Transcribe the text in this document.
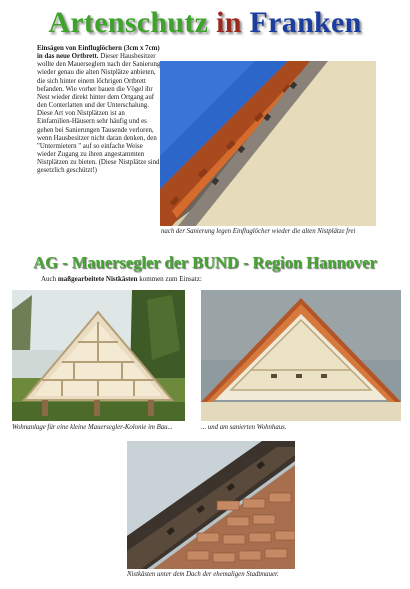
Artenschutz in Franken
Einsägen von Einfluglöchern (3cm x 7cm) in das neue Ortbrett. Dieser Hausbesitzer wollte den Mauerseglern nach der Sanierung wieder genau die alten Nistplätze anbieten, die sich hinter einem löchrigen Ortbrett befanden. Wie vorher bauen die Vögel ihr Nest wieder direkt hinter dem Ortgang auf den Conterlatten und der Unterschalung. Diese Art von Nistplätzen ist an Einfamilien-Häusern sehr häufig und es gehen bei Sanierungen Tausende verloren, wenn Hausbesitzer nicht daran denken, den "Untermietern " auf so einfache Weise wieder Zugang zu ihren angestammten Nistplätzen zu bieten. (Diese Nistplätze sind gesetzlich geschützt!)
nach der Sanierung legen Einfluglöcher wieder die alten Nistplätze frei
AG - Mauersegler der BUND - Region Hannover
Auch maßgearbeitete Nistkästen kommen zum Einsatz:
Wohnanlage für eine kleine Mauersegler-Kolonie im Bau...	... und am sanierten Wohnhaus.
Nistkästen unter dem Dach der ehemaligen Stadtmauer.
